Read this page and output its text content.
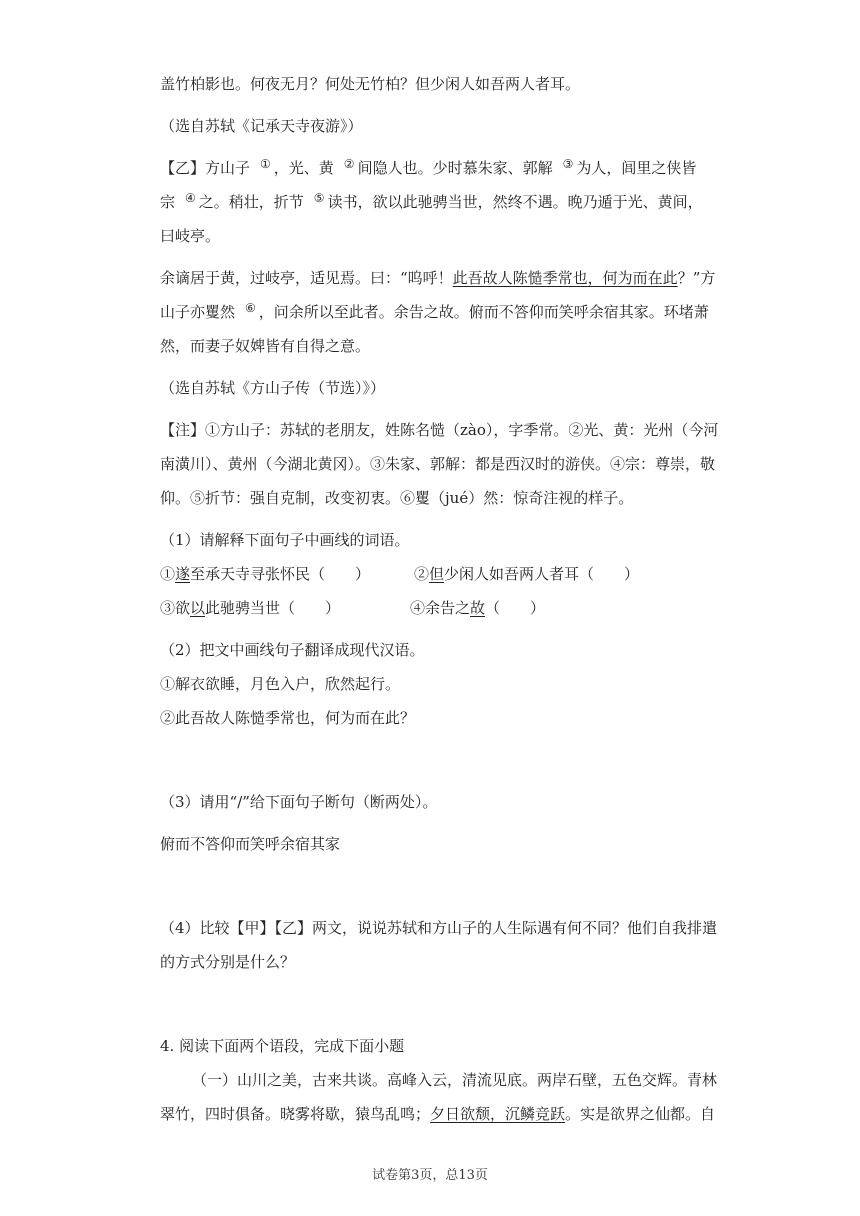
盖竹柏影也。何夜无月？何处无竹柏？但少闲人如吾两人者耳。
（选自苏轼《记承天寺夜游》）
【乙】方山子 ① ，光、黄 ② 间隐人也。少时慕朱家、郭解 ③ 为人，闾里之侠皆
宗 ④ 之。稍壮，折节 ⑤ 读书，欲以此驰骋当世，然终不遇。晚乃遁于光、黄间，
曰岐亭。
余谪居于黄，过岐亭，适见焉。曰：“呜呼！此吾故人陈慥季常也，何为而在此？”方
山子亦矍然 ⑥ ，问余所以至此者。余告之故。俯而不答仰而笑呼余宿其家。环堵萧
然，而妻子奴婢皆有自得之意。
（选自苏轼《方山子传（节选）》）
【注】①方山子：苏轼的老朋友，姓陈名慥（zào），字季常。②光、黄：光州（今河
南潢川）、黄州（今湖北黄冈）。③朱家、郭解：都是西汉时的游侠。④宗：尊崇，敬
仰。⑤折节：强自克制，改变初衷。⑥矍（jué）然：惊奇注视的样子。
（1）请解释下面句子中画线的词语。
①遂至承天寺寻张怀民（　　）	②但少闲人如吾两人者耳（　　）
③欲以此驰骋当世（　　）	④余告之故（　　）
（2）把文中画线句子翻译成现代汉语。
①解衣欲睡，月色入户，欣然起行。
②此吾故人陈慥季常也，何为而在此？
（3）请用“/”给下面句子断句（断两处）。
俯而不答仰而笑呼余宿其家
（4）比较【甲】【乙】两文，说说苏轼和方山子的人生际遇有何不同？他们自我排遣
的方式分别是什么？
4. 阅读下面两个语段，完成下面小题
（一）山川之美，古来共谈。高峰入云，清流见底。两岸石壁，五色交辉。青林
翠竹，四时俱备。晓雾将歇，猿鸟乱鸣；夕日欲颓，沉鳞竞跃。实是欲界之仙都。自
试卷第3页，总13页
